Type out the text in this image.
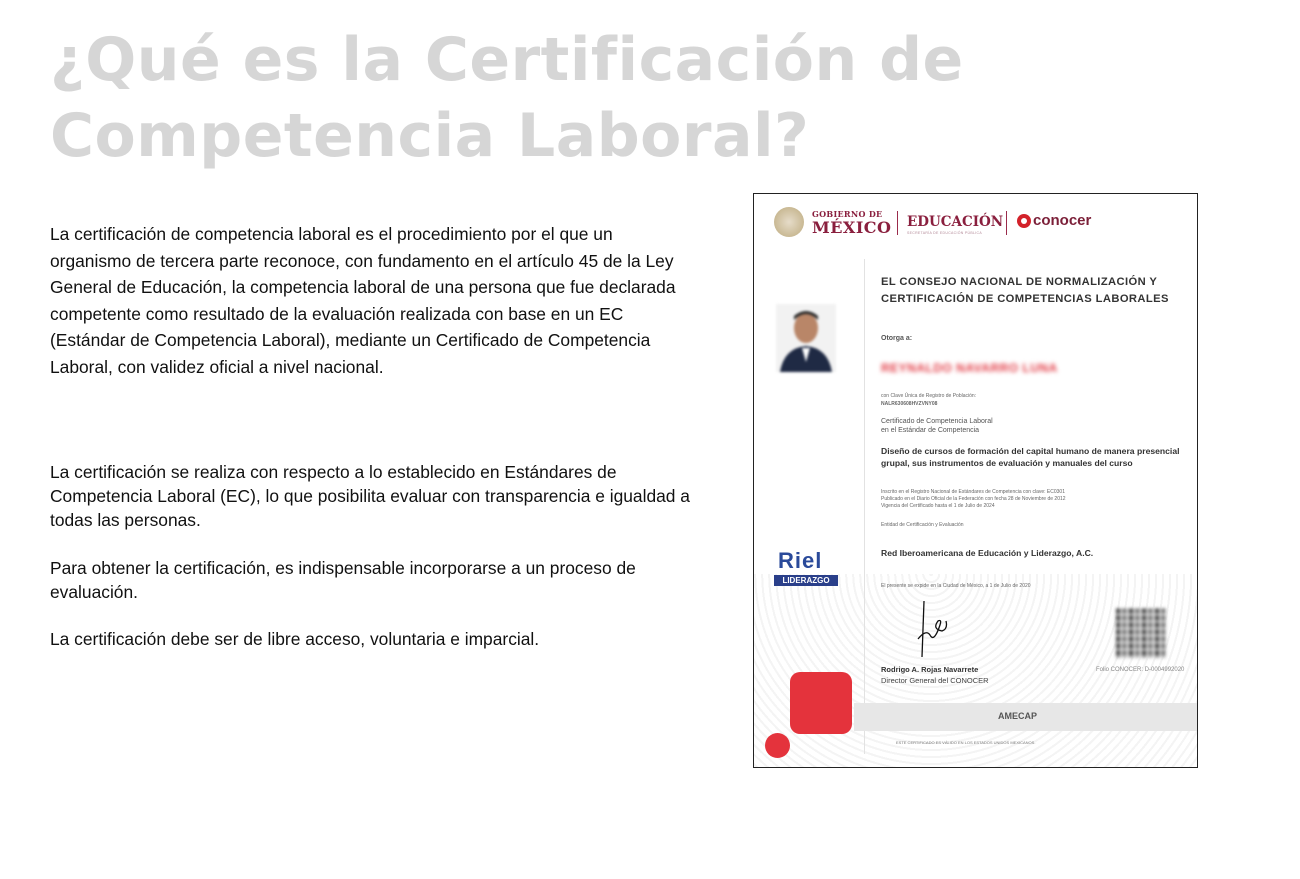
¿Qué es la Certificación de
Competencia Laboral?

La certificación de competencia laboral es el procedimiento por el que un organismo de tercera parte reconoce, con fundamento en el artículo 45 de la Ley General de Educación, la competencia laboral de una persona que fue declarada competente como resultado de la evaluación realizada con base en un EC (Estándar de Competencia Laboral), mediante un Certificado de Competencia Laboral, con validez oficial a nivel nacional.

La certificación se realiza con respecto a lo establecido en Estándares de Competencia Laboral (EC), lo que posibilita evaluar con transparencia e igualdad a todas las personas.

Para obtener la certificación, es indispensable incorporarse a un proceso de evaluación.

La certificación debe ser de libre acceso, voluntaria e imparcial.

GOBIERNO DE
MÉXICO EDUCACIÓN
SECRETARÍA DE EDUCACIÓN PÚBLICA
conocer
EL CONSEJO NACIONAL DE NORMALIZACIÓN Y CERTIFICACIÓN DE COMPETENCIAS LABORALES
Otorga a:
REYNALDO NAVARRO LUNA
con Clave Única de Registro de Población:
NALR630608HVZVNY08
Certificado de Competencia Laboral
en el Estándar de Competencia
Diseño de cursos de formación del capital humano de manera presencial grupal, sus instrumentos de evaluación y manuales del curso
Inscrito en el Registro Nacional de Estándares de Competencia con clave: EC0301
Publicado en el Diario Oficial de la Federación con fecha 28 de Noviembre de 2012
Vigencia del Certificado hasta el 1 de Julio de 2024
Entidad de Certificación y Evaluación
Red Iberoamericana de Educación y Liderazgo, A.C.
Riel
LIDERAZGO
El presente se expide en la Ciudad de México, a 1 de Julio de 2020
Rodrigo A. Rojas Navarrete
Director General del CONOCER
Folio CONOCER: D-0004992020
AMECAP
ESTE CERTIFICADO ES VÁLIDO EN LOS ESTADOS UNIDOS MEXICANOS.
